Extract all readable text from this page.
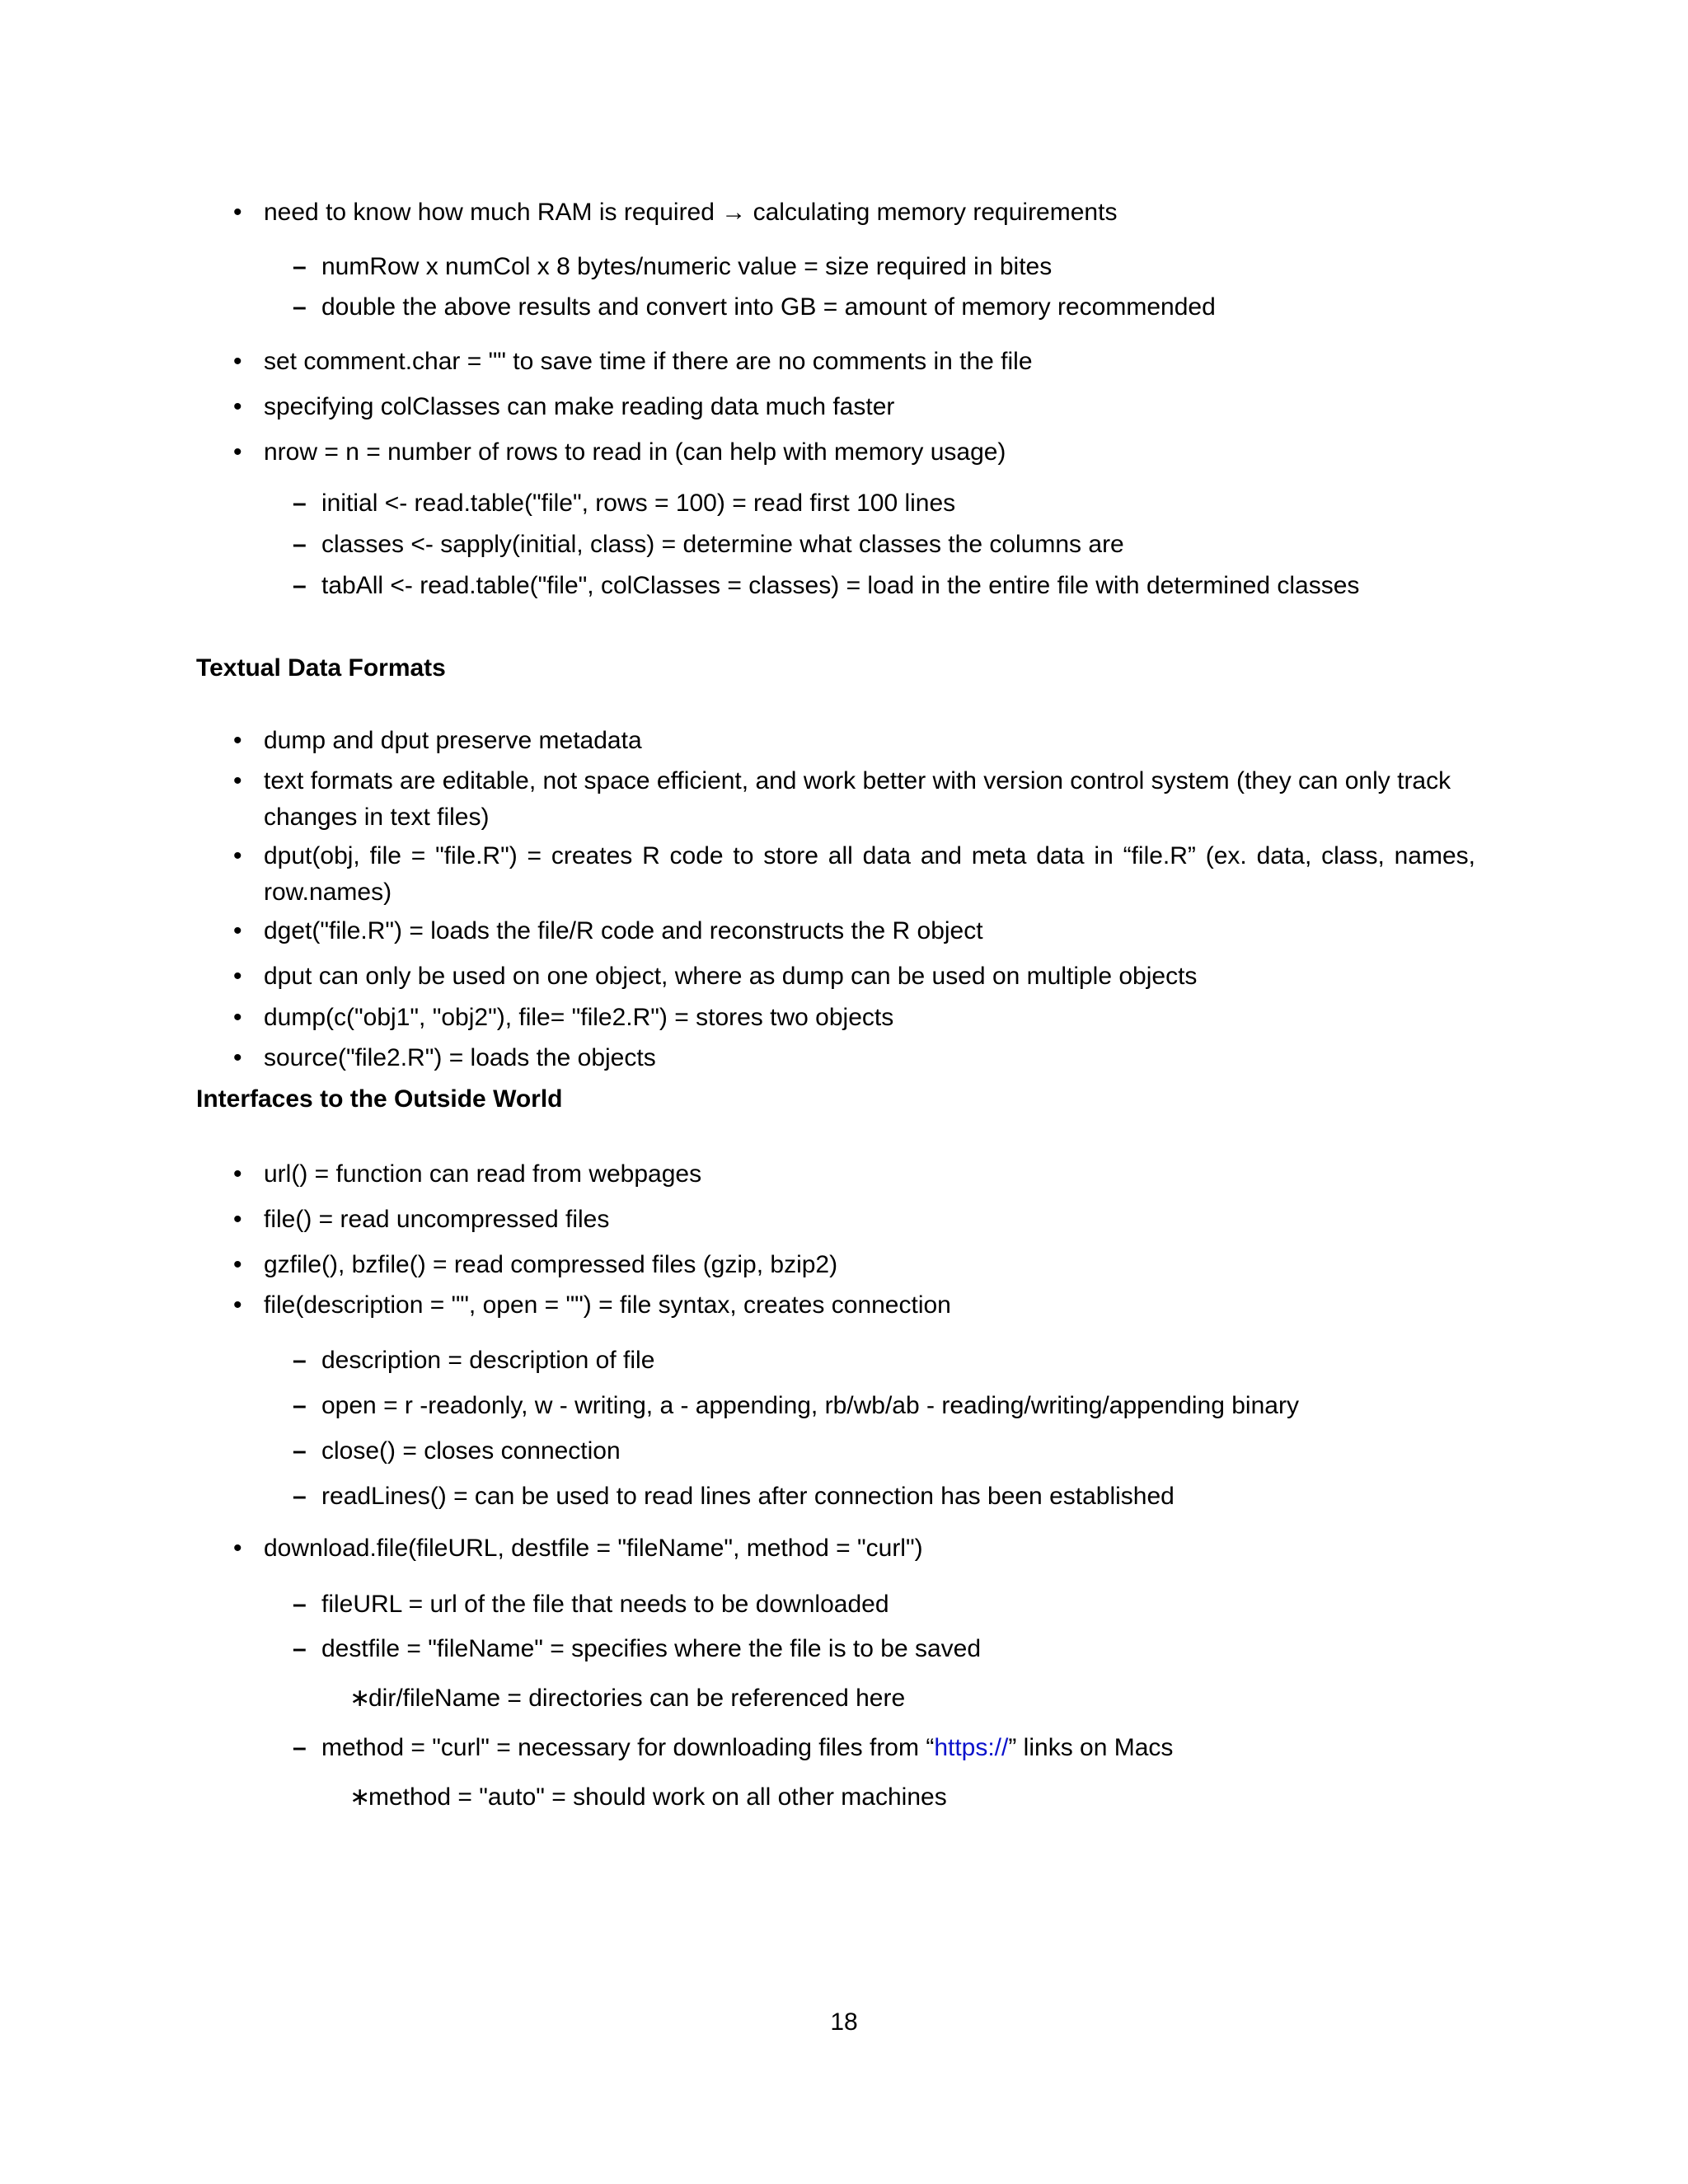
• need to know how much RAM is required → calculating memory requirements
– numRow x numCol x 8 bytes/numeric value = size required in bites
– double the above results and convert into GB = amount of memory recommended
• set comment.char = "" to save time if there are no comments in the file
• specifying colClasses can make reading data much faster
• nrow = n = number of rows to read in (can help with memory usage)
– initial <- read.table("file", rows = 100) = read first 100 lines
– classes <- sapply(initial, class) = determine what classes the columns are
– tabAll <- read.table("file", colClasses = classes) = load in the entire file with determined classes
Textual Data Formats
• dump and dput preserve metadata
• text formats are editable, not space efficient, and work better with version control system (they can only track changes in text files)
• dput(obj, file = "file.R") = creates R code to store all data and meta data in “file.R” (ex. data, class, names, row.names)
• dget("file.R") = loads the file/R code and reconstructs the R object
• dput can only be used on one object, where as dump can be used on multiple objects
• dump(c("obj1", "obj2"), file= "file2.R") = stores two objects
• source("file2.R") = loads the objects
Interfaces to the Outside World
• url() = function can read from webpages
• file() = read uncompressed files
• gzfile(), bzfile() = read compressed files (gzip, bzip2)
• file(description = "", open = "") = file syntax, creates connection
– description = description of file
– open = r -readonly, w - writing, a - appending, rb/wb/ab - reading/writing/appending binary
– close() = closes connection
– readLines() = can be used to read lines after connection has been established
• download.file(fileURL, destfile = "fileName", method = "curl")
– fileURL = url of the file that needs to be downloaded
– destfile = "fileName" = specifies where the file is to be saved
∗
dir/fileName = directories can be referenced here
– method = "curl" = necessary for downloading files from “https://” links on Macs
∗
method = "auto" = should work on all other machines
18
